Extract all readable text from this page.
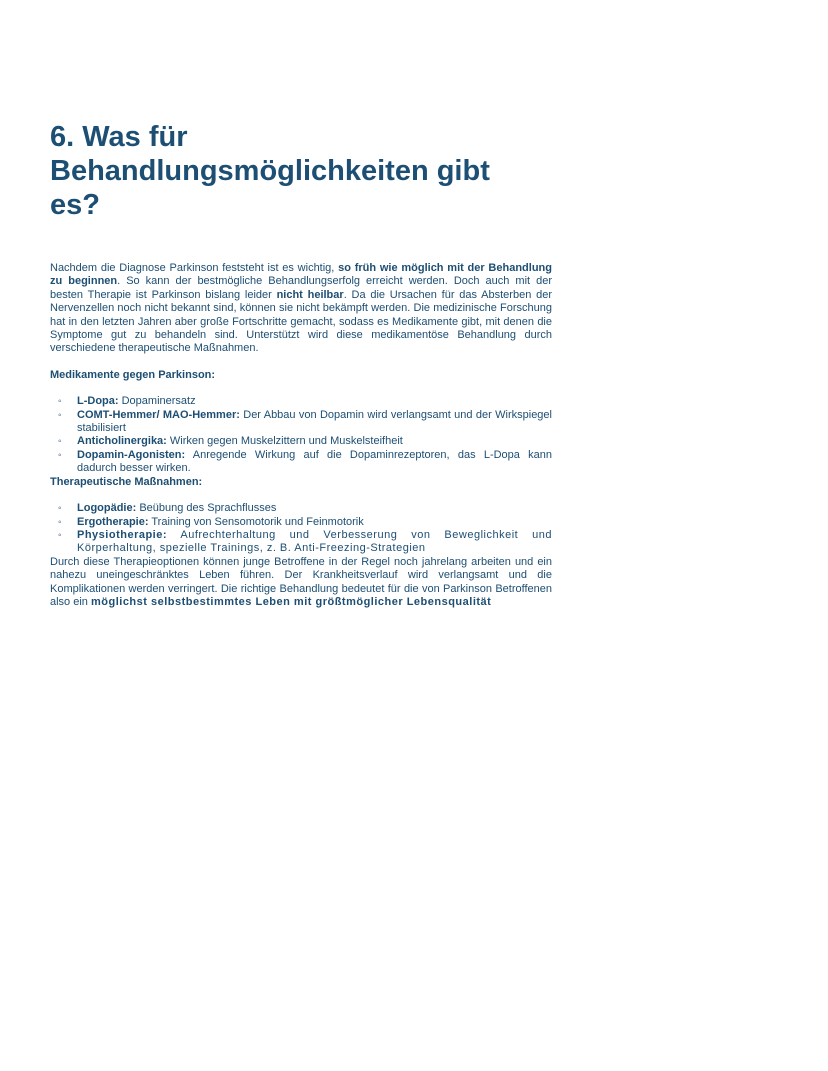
6. Was für Behandlungsmöglichkeiten gibt es?

Nachdem die Diagnose Parkinson feststeht ist es wichtig, so früh wie möglich mit der Behandlung zu beginnen. So kann der bestmögliche Behandlungserfolg erreicht werden. Doch auch mit der besten Therapie ist Parkinson bislang leider nicht heilbar. Da die Ursachen für das Absterben der Nervenzellen noch nicht bekannt sind, können sie nicht bekämpft werden. Die medizinische Forschung hat in den letzten Jahren aber große Fortschritte gemacht, sodass es Medikamente gibt, mit denen die Symptome gut zu behandeln sind. Unterstützt wird diese medikamentöse Behandlung durch verschiedene therapeutische Maßnahmen.

Medikamente gegen Parkinson:
◦ L-Dopa: Dopaminersatz
◦ COMT-Hemmer/ MAO-Hemmer: Der Abbau von Dopamin wird verlangsamt und der Wirkspiegel stabilisiert
◦ Anticholinergika: Wirken gegen Muskelzittern und Muskelsteifheit
◦ Dopamin-Agonisten: Anregende Wirkung auf die Dopaminrezeptoren, das L-Dopa kann dadurch besser wirken.
Therapeutische Maßnahmen:
◦ Logopädie: Beübung des Sprachflusses
◦ Ergotherapie: Training von Sensomotorik und Feinmotorik
◦ Physiotherapie: Aufrechterhaltung und Verbesserung von Beweglichkeit und Körperhaltung, spezielle Trainings, z. B. Anti-Freezing-Strategien

Durch diese Therapieoptionen können junge Betroffene in der Regel noch jahrelang arbeiten und ein nahezu uneingeschränktes Leben führen. Der Krankheitsverlauf wird verlangsamt und die Komplikationen werden verringert. Die richtige Behandlung bedeutet für die von Parkinson Betroffenen also ein möglichst selbstbestimmtes Leben mit größtmöglicher Lebensqualität
